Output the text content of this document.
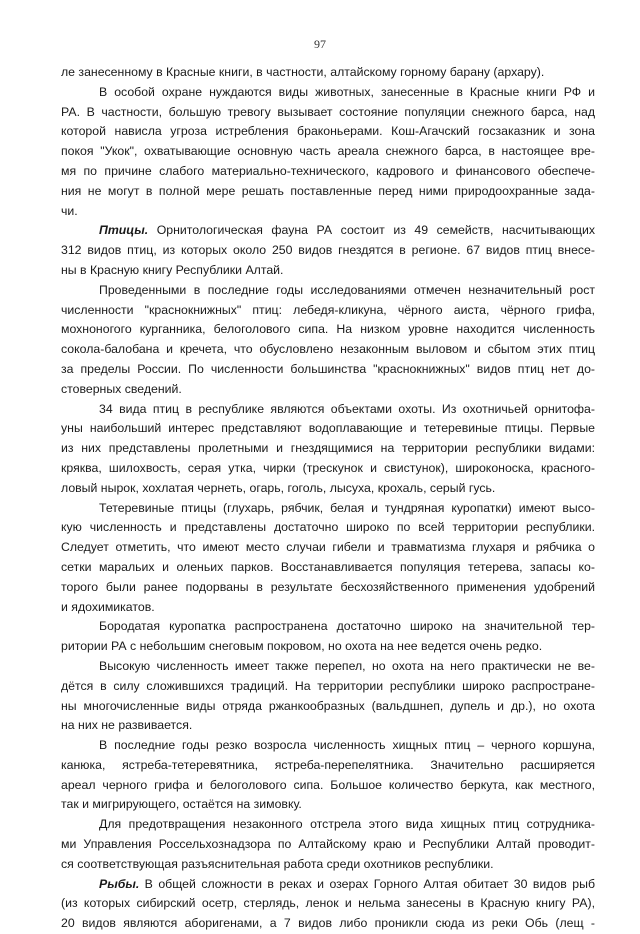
97
ле занесенному в Красные книги, в частности, алтайскому горному барану (архару).
В особой охране нуждаются виды животных, занесенные в Красные книги РФ и
РА. В частности, большую тревогу вызывает состояние популяции снежного барса, над
которой нависла угроза истребления браконьерами. Кош-Агачский госзаказник и зона
покоя "Укок", охватывающие основную часть ареала снежного барса, в настоящее вре-
мя по причине слабого материально-технического, кадрового и финансового обеспече-
ния не могут в полной мере решать поставленные перед ними природоохранные зада-
чи.
Птицы. Орнитологическая фауна РА состоит из 49 семейств, насчитывающих
312 видов птиц, из которых около 250 видов гнездятся в регионе. 67 видов птиц внесе-
ны в Красную книгу Республики Алтай.
Проведенными в последние годы исследованиями отмечен незначительный рост
численности "краснокнижных" птиц: лебедя-кликуна, чёрного аиста, чёрного грифа,
мохноногого курганника, белоголового сипа. На низком уровне находится численность
сокола-балобана и кречета, что обусловлено незаконным выловом и сбытом этих птиц
за пределы России. По численности большинства "краснокнижных" видов птиц нет до-
стоверных сведений.
34 вида птиц в республике являются объектами охоты. Из охотничьей орнитофа-
уны наибольший интерес представляют водоплавающие и тетеревиные птицы. Первые
из них представлены пролетными и гнездящимися на территории республики видами:
кряква, шилохвость, серая утка, чирки (трескунок и свистунок), широконоска, красного-
ловый нырок, хохлатая чернеть, огарь, гоголь, лысуха, крохаль, серый гусь.
Тетеревиные птицы (глухарь, рябчик, белая и тундряная куропатки) имеют высо-
кую численность и представлены достаточно широко по всей территории республики.
Следует отметить, что имеют место случаи гибели и травматизма глухаря и рябчика о
сетки маральих и оленьих парков. Восстанавливается популяция тетерева, запасы ко-
торого были ранее подорваны в результате бесхозяйственного применения удобрений
и ядохимикатов.
Бородатая куропатка распространена достаточно широко на значительной тер-
ритории РА с небольшим снеговым покровом, но охота на нее ведется очень редко.
Высокую численность имеет также перепел, но охота на него практически не ве-
дётся в силу сложившихся традиций. На территории республики широко распростране-
ны многочисленные виды отряда ржанкообразных (вальдшнеп, дупель и др.), но охота
на них не развивается.
В последние годы резко возросла численность хищных птиц – черного коршуна,
канюка, ястреба-тетеревятника, ястреба-перепелятника. Значительно расширяется
ареал черного грифа и белоголового сипа. Большое количество беркута, как местного,
так и мигрирующего, остаётся на зимовку.
Для предотвращения незаконного отстрела этого вида хищных птиц сотрудника-
ми Управления Россельхознадзора по Алтайскому краю и Республики Алтай проводит-
ся соответствующая разъяснительная работа среди охотников республики.
Рыбы. В общей сложности в реках и озерах Горного Алтая обитает 30 видов рыб
(из которых сибирский осетр, стерлядь, ленок и нельма занесены в Красную книгу РА),
20 видов являются аборигенами, а 7 видов либо проникли сюда из реки Обь (лещ -
